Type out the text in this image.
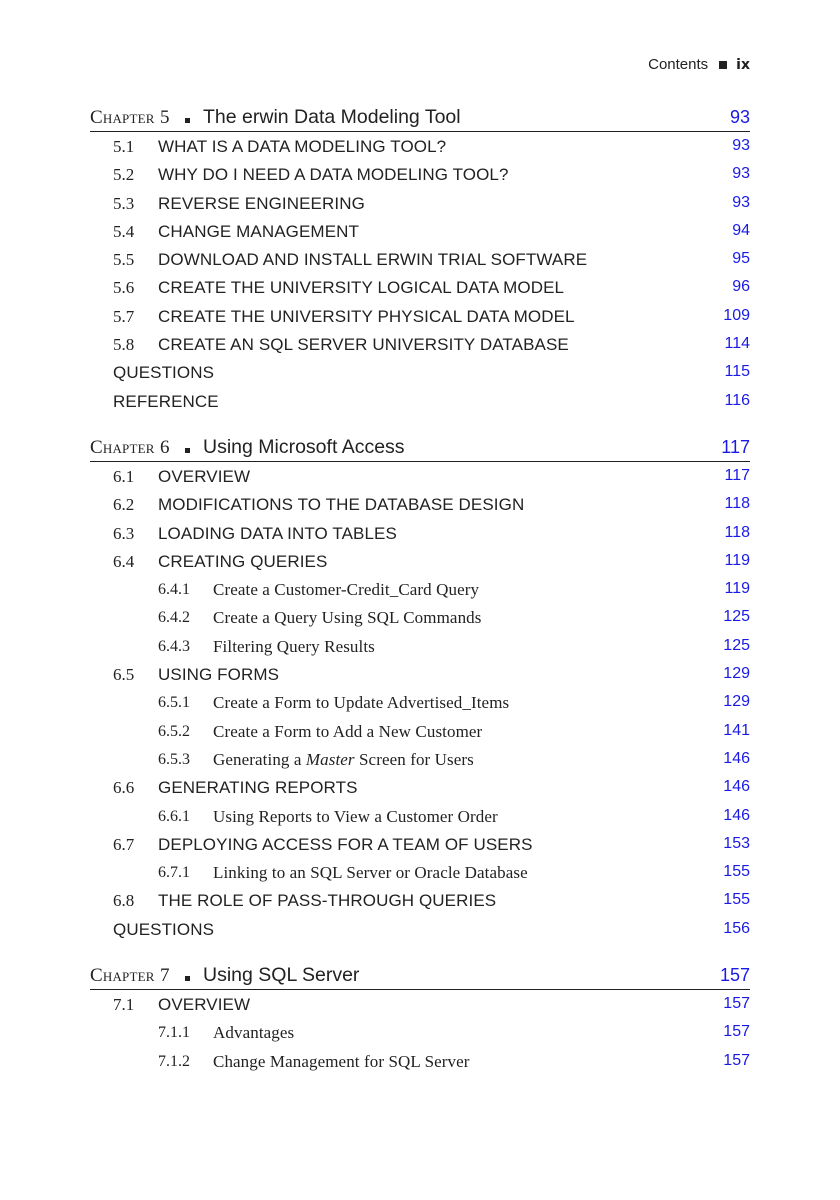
Contents ix
Chapter 5 The erwin Data Modeling Tool	93
5.1 WHAT IS A DATA MODELING TOOL?	93
5.2 WHY DO I NEED A DATA MODELING TOOL?	93
5.3 REVERSE ENGINEERING	93
5.4 CHANGE MANAGEMENT	94
5.5 DOWNLOAD AND INSTALL ERWIN TRIAL SOFTWARE	95
5.6 CREATE THE UNIVERSITY LOGICAL DATA MODEL	96
5.7 CREATE THE UNIVERSITY PHYSICAL DATA MODEL	109
5.8 CREATE AN SQL SERVER UNIVERSITY DATABASE	114
QUESTIONS	115
REFERENCE	116
Chapter 6 Using Microsoft Access	117
6.1 OVERVIEW	117
6.2 MODIFICATIONS TO THE DATABASE DESIGN	118
6.3 LOADING DATA INTO TABLES	118
6.4 CREATING QUERIES	119
6.4.1 Create a Customer-Credit_Card Query	119
6.4.2 Create a Query Using SQL Commands	125
6.4.3 Filtering Query Results	125
6.5 USING FORMS	129
6.5.1 Create a Form to Update Advertised_Items	129
6.5.2 Create a Form to Add a New Customer	141
6.5.3 Generating a Master Screen for Users	146
6.6 GENERATING REPORTS	146
6.6.1 Using Reports to View a Customer Order	146
6.7 DEPLOYING ACCESS FOR A TEAM OF USERS	153
6.7.1 Linking to an SQL Server or Oracle Database	155
6.8 THE ROLE OF PASS-THROUGH QUERIES	155
QUESTIONS	156
Chapter 7 Using SQL Server	157
7.1 OVERVIEW	157
7.1.1 Advantages	157
7.1.2 Change Management for SQL Server	157
